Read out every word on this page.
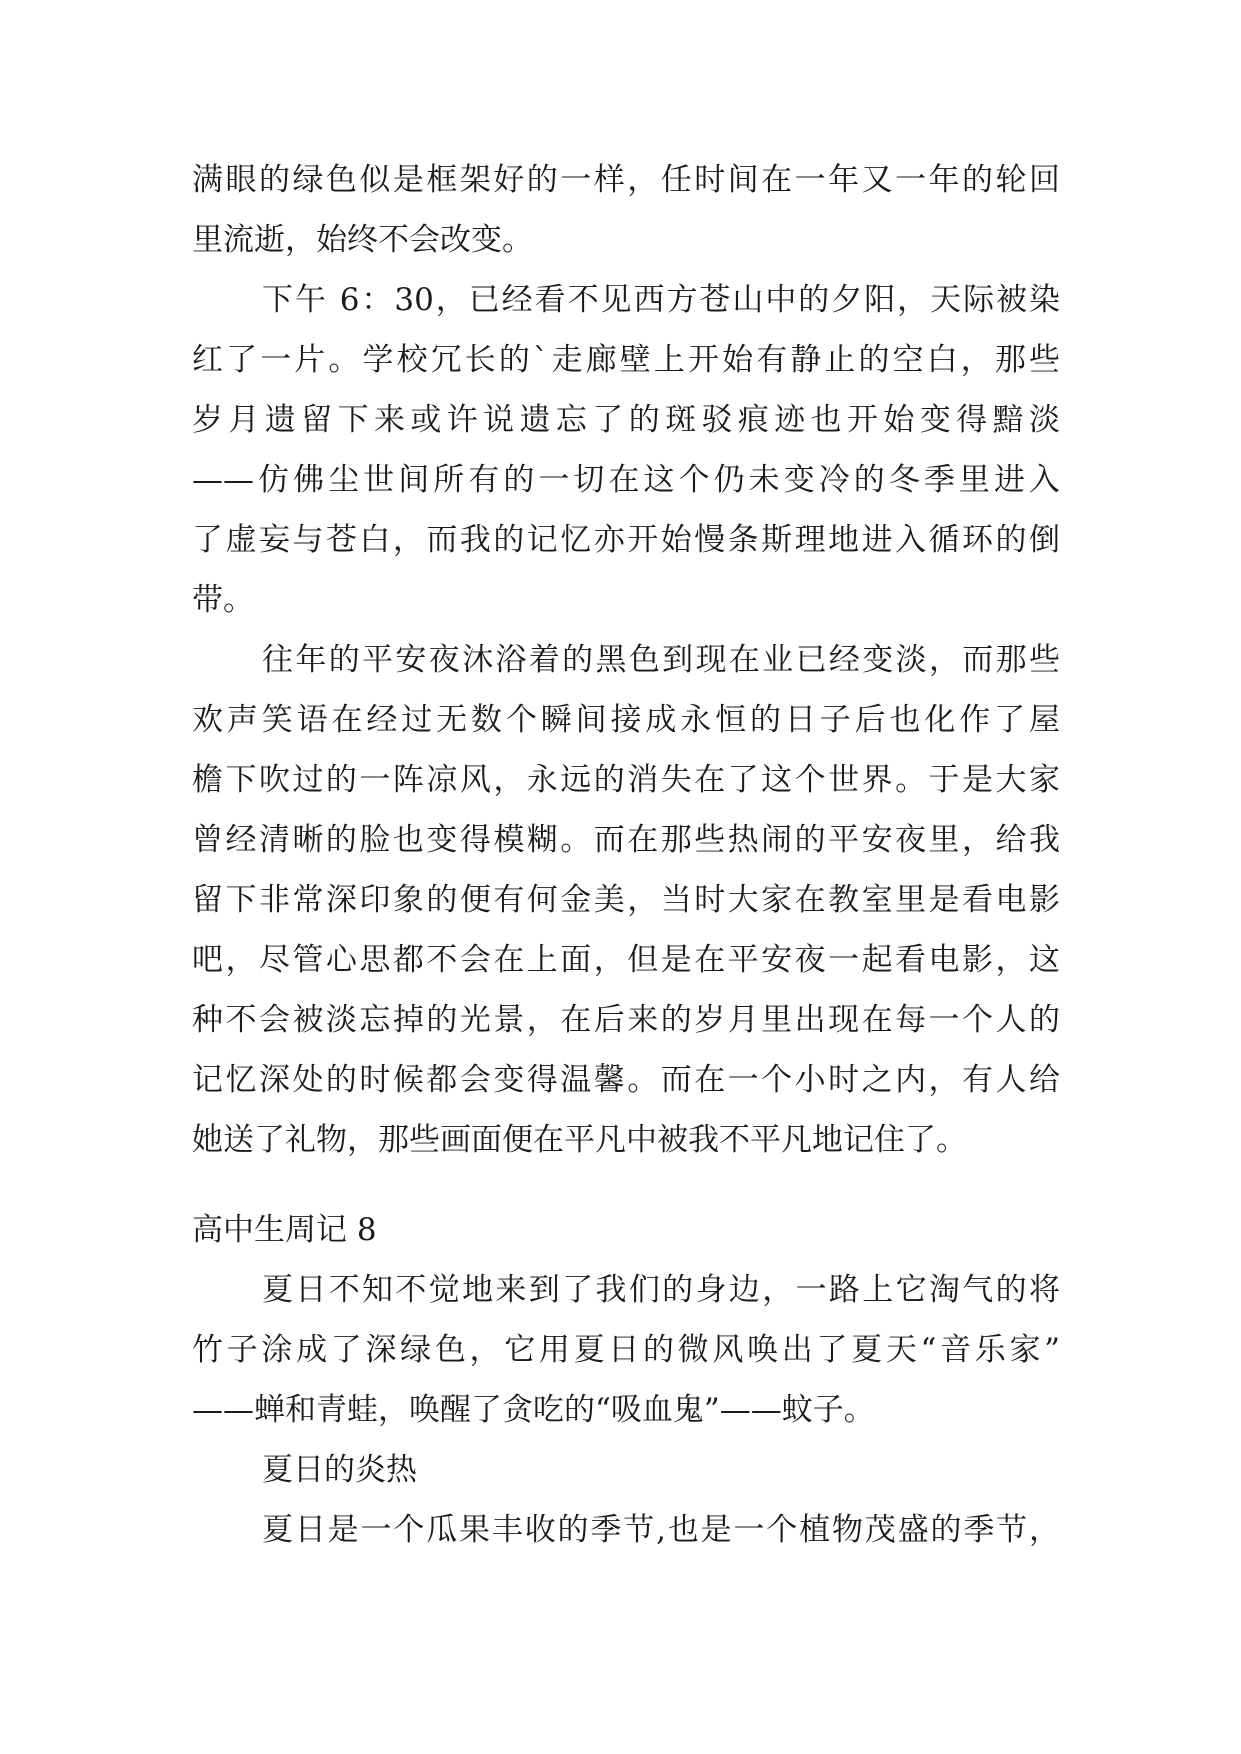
满眼的绿色似是框架好的一样，任时间在一年又一年的轮回
里流逝，始终不会改变。
下午 6：30，已经看不见西方苍山中的夕阳，天际被染
红了一片。学校冗长的`走廊壁上开始有静止的空白，那些
岁月遗留下来或许说遗忘了的斑驳痕迹也开始变得黯淡
——仿佛尘世间所有的一切在这个仍未变冷的冬季里进入
了虚妄与苍白，而我的记忆亦开始慢条斯理地进入循环的倒
带。
往年的平安夜沐浴着的黑色到现在业已经变淡，而那些
欢声笑语在经过无数个瞬间接成永恒的日子后也化作了屋
檐下吹过的一阵凉风，永远的消失在了这个世界。于是大家
曾经清晰的脸也变得模糊。而在那些热闹的平安夜里，给我
留下非常深印象的便有何金美，当时大家在教室里是看电影
吧，尽管心思都不会在上面，但是在平安夜一起看电影，这
种不会被淡忘掉的光景，在后来的岁月里出现在每一个人的
记忆深处的时候都会变得温馨。而在一个小时之内，有人给
她送了礼物，那些画面便在平凡中被我不平凡地记住了。
高中生周记 8
夏日不知不觉地来到了我们的身边，一路上它淘气的将
竹子涂成了深绿色，它用夏日的微风唤出了夏天“音乐家”
——蝉和青蛙，唤醒了贪吃的“吸血鬼”——蚊子。
夏日的炎热
夏日是一个瓜果丰收的季节,也是一个植物茂盛的季节，
